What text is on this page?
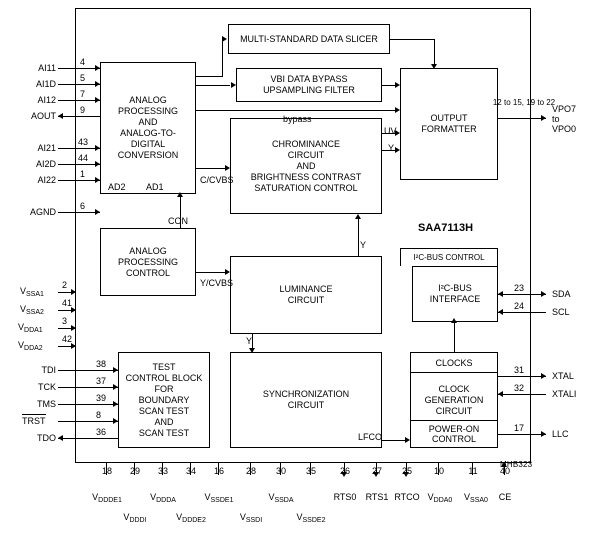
ANALOG
PROCESSING
AND
ANALOG-TO-
DIGITAL
CONVERSION
MULTI-STANDARD DATA SLICER
VBI DATA BYPASS
UPSAMPLING FILTER
OUTPUT
FORMATTER
CHROMINANCE
CIRCUIT
AND
BRIGHTNESS CONTRAST
SATURATION CONTROL
ANALOG
PROCESSING
CONTROL
LUMINANCE
CIRCUIT
I²C-BUS
INTERFACE
I²C-BUS CONTROL
TEST
CONTROL BLOCK
FOR
BOUNDARY
SCAN TEST
AND
SCAN TEST
SYNCHRONIZATION
CIRCUIT
CLOCK
GENERATION
CIRCUIT
CLOCKS
POWER-ON
CONTROL
SAA7113H
MHB323
AD2 AD1
CON
bypass
C/CVBS
Y/CVBS
UV
Y
Y
Y
LFCO
AI11
4
AI1D
5
AI12
7
AOUT
9
AI21
43
AI2D
44
AI22
1
AGND
6
$V_{SSA1}$
2
$V_{SSA2}$
41
$V_{DDA1}$
3
$V_{DDA2}$
42
TDI
38
TCK
37
TMS
39
TRST
8
TDO
36
12 to 15, 19 to 22
VPO7
to
VPO0
23
SDA
24
SCL
31
XTAL
32
XTALI
17
LLC
18
$V_{DDDE1}$
29
$V_{DDDI}$
33
$V_{DDDA}$
34
$V_{DDDE2}$
16
$V_{SSDE1}$
28
$V_{SSDI}$
30
$V_{SSDA}$
35
$V_{SSDE2}$
26
RTS0
27
RTS1
25
RTCO
10
$V_{DDA0}$
11
$V_{SSA0}$
40
CE
